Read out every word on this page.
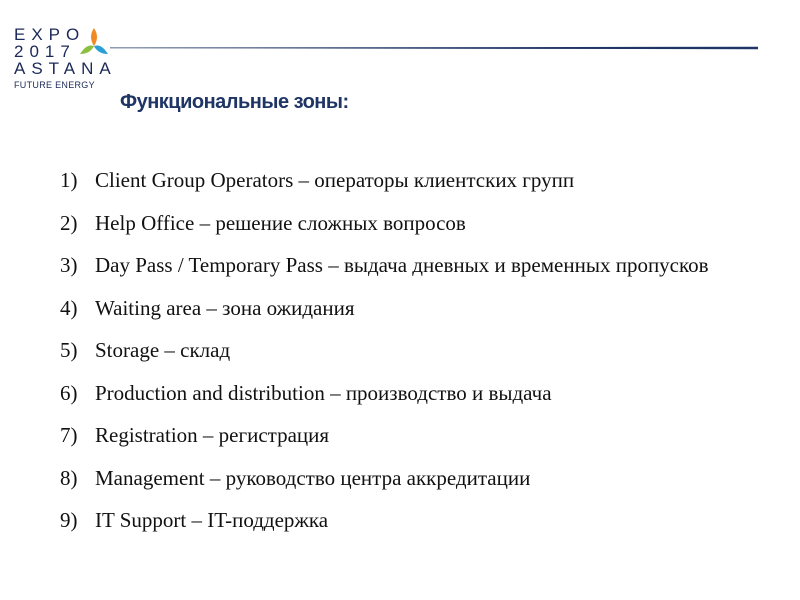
EXPO
2017
ASTANA
FUTURE ENERGY
Функциональные зоны:
1) Client Group Operators – операторы клиентских групп
2) Help Office – решение сложных вопросов
3) Day Pass / Temporary Pass – выдача дневных и временных пропусков
4) Waiting area – зона ожидания
5) Storage – склад
6) Production and distribution – производство и выдача
7) Registration – регистрация
8) Management – руководство центра аккредитации
9) IT Support – IT-поддержка
